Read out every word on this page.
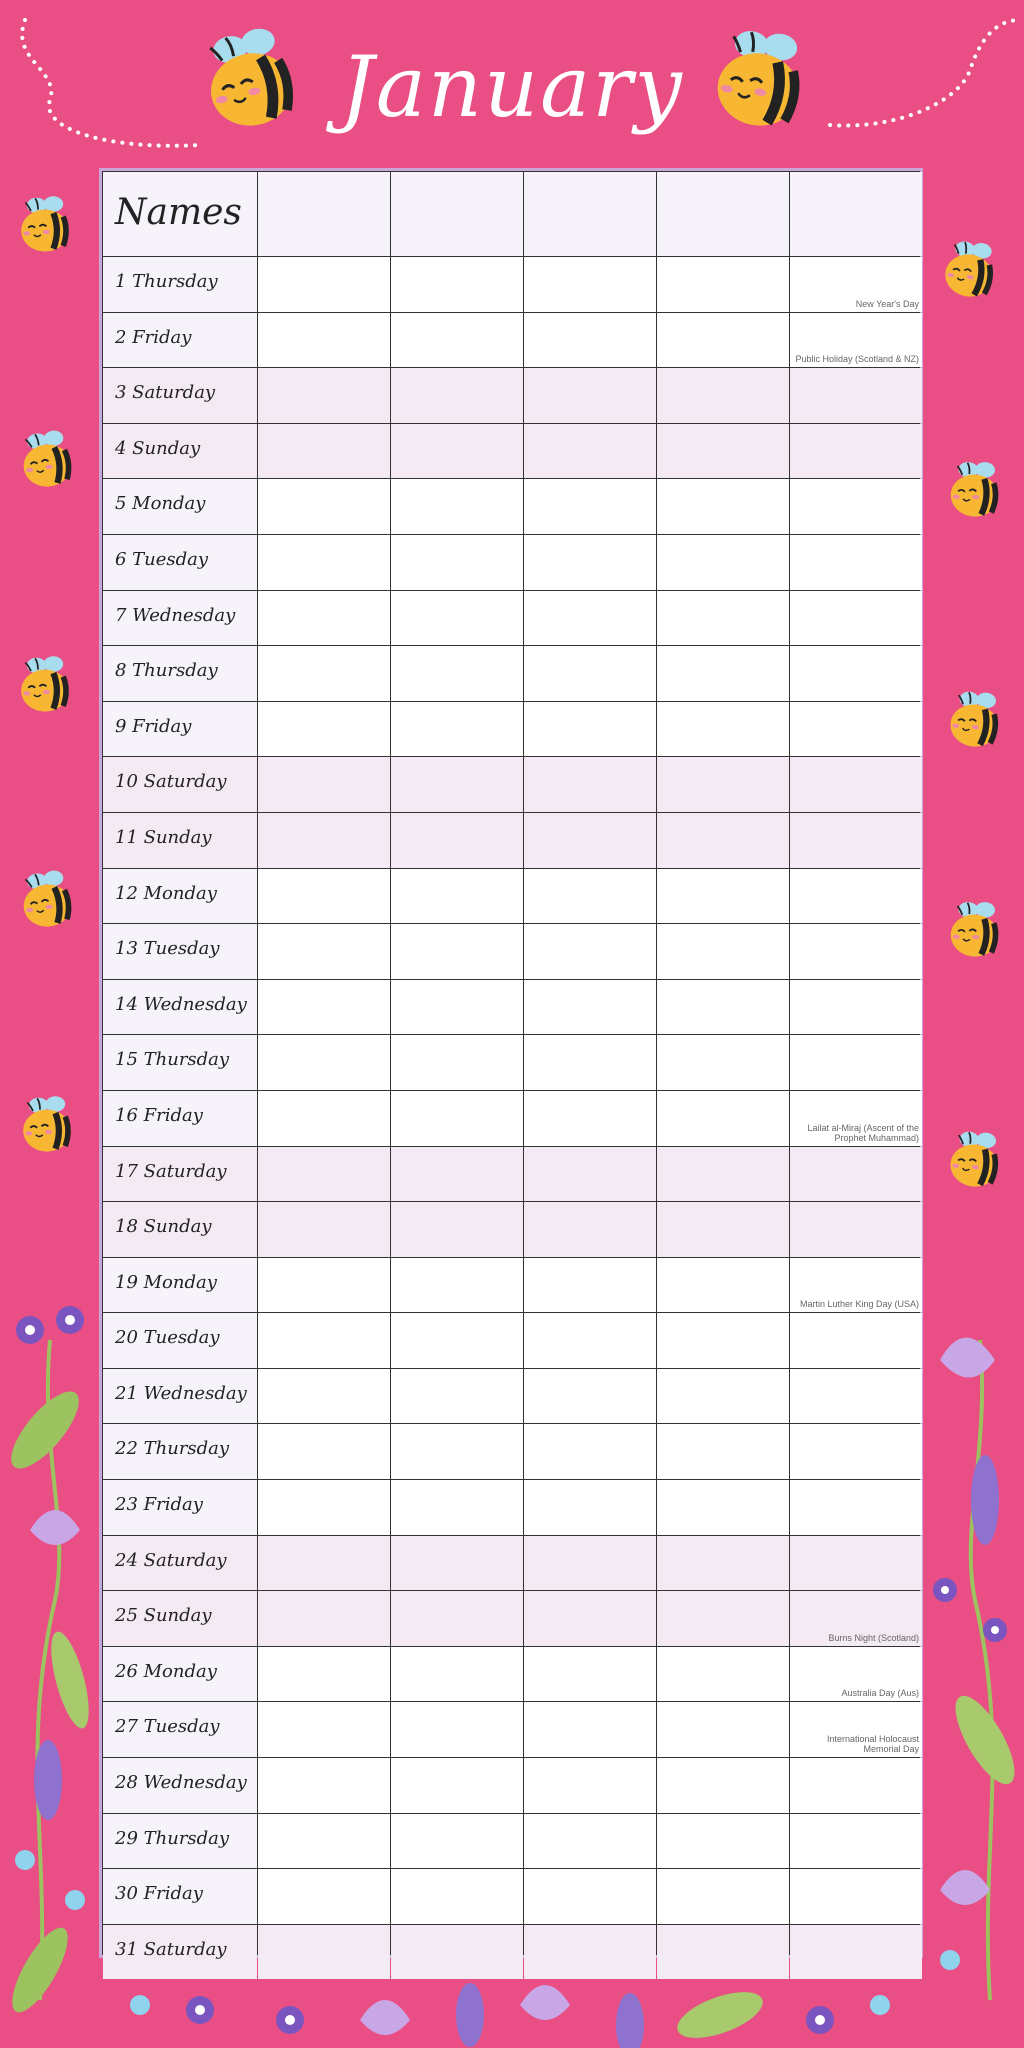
January
Names
1 Thursday
New Year's Day
2 Friday
Public Holiday (Scotland & NZ)
3 Saturday
4 Sunday
5 Monday
6 Tuesday
7 Wednesday
8 Thursday
9 Friday
10 Saturday
11 Sunday
12 Monday
13 Tuesday
14 Wednesday
15 Thursday
16 Friday
Lailat al-Miraj (Ascent of the Prophet Muhammad)
17 Saturday
18 Sunday
19 Monday
Martin Luther King Day (USA)
20 Tuesday
21 Wednesday
22 Thursday
23 Friday
24 Saturday
25 Sunday
Burns Night (Scotland)
26 Monday
Australia Day (Aus)
27 Tuesday
International Holocaust Memorial Day
28 Wednesday
29 Thursday
30 Friday
31 Saturday
